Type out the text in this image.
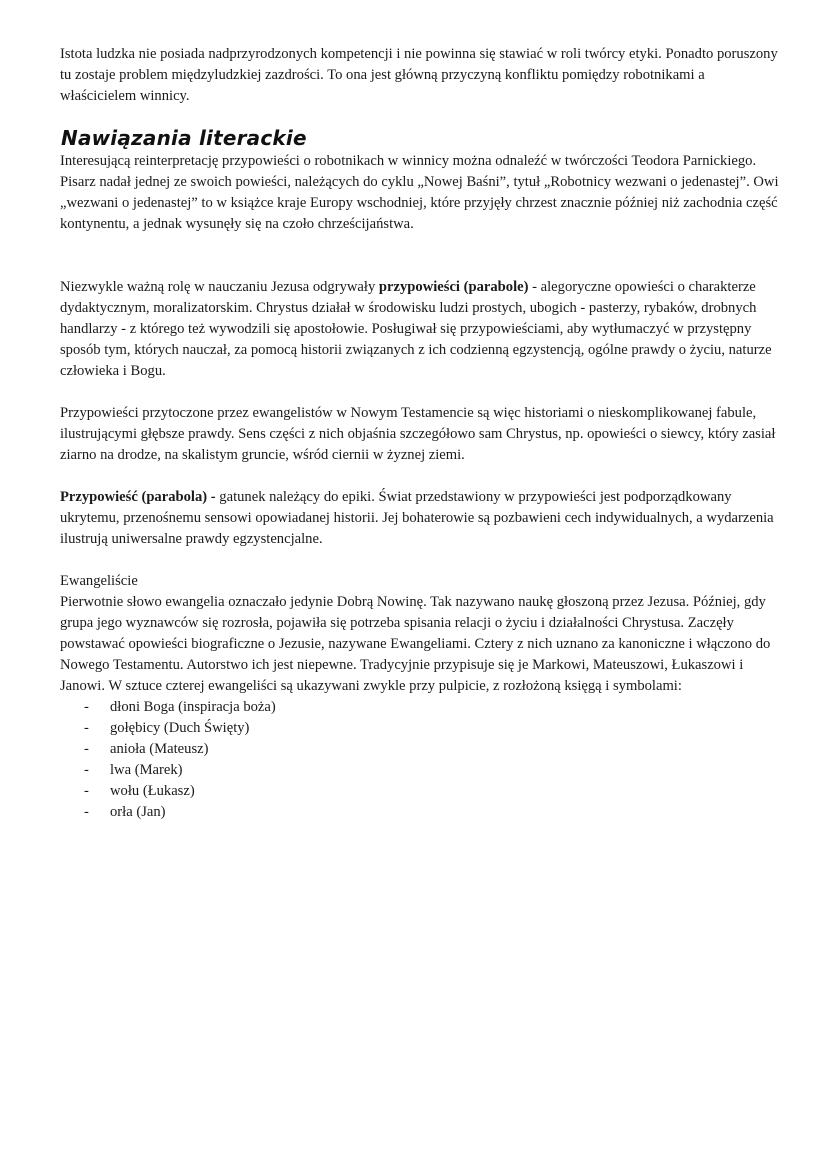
Istota ludzka nie posiada nadprzyrodzonych kompetencji i nie powinna się stawiać w roli twórcy etyki. Ponadto poruszony tu zostaje problem międzyludzkiej zazdrości. To ona jest główną przyczyną konfliktu pomiędzy robotnikami a właścicielem winnicy.

Nawiązania literackie

Interesującą reinterpretację przypowieści o robotnikach w winnicy można odnaleźć w twórczości Teodora Parnickiego. Pisarz nadał jednej ze swoich powieści, należących do cyklu „Nowej Baśni”, tytuł „Robotnicy wezwani o jedenastej”. Owi „wezwani o jedenastej” to w książce kraje Europy wschodniej, które przyjęły chrzest znacznie później niż zachodnia część kontynentu, a jednak wysunęły się na czoło chrześcijaństwa.

Niezwykle ważną rolę w nauczaniu Jezusa odgrywały przypowieści (parabole) - alegoryczne opowieści o charakterze dydaktycznym, moralizatorskim. Chrystus działał w środowisku ludzi prostych, ubogich - pasterzy, rybaków, drobnych handlarzy - z którego też wywodzili się apostołowie. Posługiwał się przypowieściami, aby wytłumaczyć w przystępny sposób tym, których nauczał, za pomocą historii związanych z ich codzienną egzystencją, ogólne prawdy o życiu, naturze człowieka i Bogu.

Przypowieści przytoczone przez ewangelistów w Nowym Testamencie są więc historiami o nieskomplikowanej fabule, ilustrującymi głębsze prawdy. Sens części z nich objaśnia szczegółowo sam Chrystus, np. opowieści o siewcy, który zasiał ziarno na drodze, na skalistym gruncie, wśród ciernii w żyznej ziemi.

Przypowieść (parabola) - gatunek należący do epiki. Świat przedstawiony w przypowieści jest podporządkowany ukrytemu, przenośnemu sensowi opowiadanej historii. Jej bohaterowie są pozbawieni cech indywidualnych, a wydarzenia ilustrują uniwersalne prawdy egzystencjalne.

Ewangeliście

Pierwotnie słowo ewangelia oznaczało jedynie Dobrą Nowinę. Tak nazywano naukę głoszoną przez Jezusa. Później, gdy grupa jego wyznawców się rozrosła, pojawiła się potrzeba spisania relacji o życiu i działalności Chrystusa. Zaczęły powstawać opowieści biograficzne o Jezusie, nazywane Ewangeliami. Cztery z nich uznano za kanoniczne i włączono do Nowego Testamentu. Autorstwo ich jest niepewne. Tradycyjnie przypisuje się je Markowi, Mateuszowi, Łukaszowi i Janowi. W sztuce czterej ewangeliści są ukazywani zwykle przy pulpicie, z rozłożoną księgą i symbolami:

- dłoni Boga (inspiracja boża)
- gołębicy (Duch Święty)
- anioła (Mateusz)
- lwa (Marek)
- wołu (Łukasz)
- orła (Jan)
